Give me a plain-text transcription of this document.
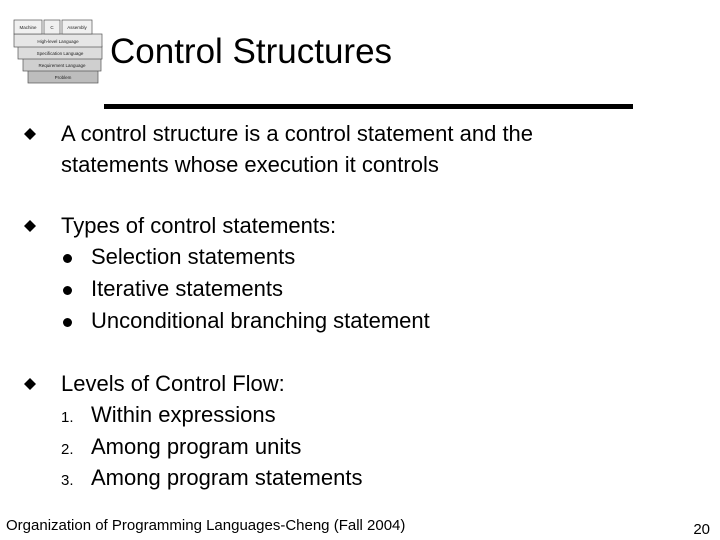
Machine	C	Assembly
High-level Language
Specification Language
Requirement Language
Problem
Control Structures
A control structure is a control statement and the
statements whose execution it controls
Types of control statements:
Selection statements
Iterative statements
Unconditional branching statement
Levels of Control Flow:
1. Within expressions
2. Among program units
3. Among program statements
Organization of Programming Languages-Cheng (Fall 2004)	20
